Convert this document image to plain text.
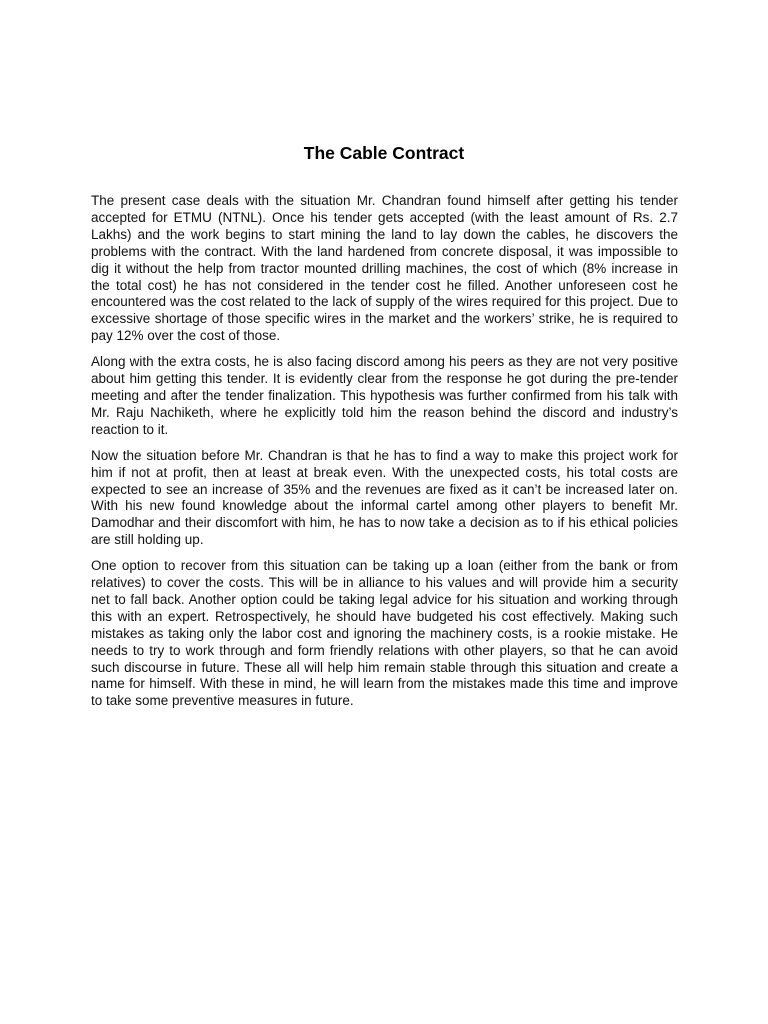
The Cable Contract

The present case deals with the situation Mr. Chandran found himself after getting his tender accepted for ETMU (NTNL). Once his tender gets accepted (with the least amount of Rs. 2.7 Lakhs) and the work begins to start mining the land to lay down the cables, he discovers the problems with the contract. With the land hardened from concrete disposal, it was impossible to dig it without the help from tractor mounted drilling machines, the cost of which (8% increase in the total cost) he has not considered in the tender cost he filled. Another unforeseen cost he encountered was the cost related to the lack of supply of the wires required for this project. Due to excessive shortage of those specific wires in the market and the workers’ strike, he is required to pay 12% over the cost of those.

Along with the extra costs, he is also facing discord among his peers as they are not very positive about him getting this tender. It is evidently clear from the response he got during the pre-tender meeting and after the tender finalization. This hypothesis was further confirmed from his talk with Mr. Raju Nachiketh, where he explicitly told him the reason behind the discord and industry’s reaction to it.

Now the situation before Mr. Chandran is that he has to find a way to make this project work for him if not at profit, then at least at break even. With the unexpected costs, his total costs are expected to see an increase of 35% and the revenues are fixed as it can’t be increased later on. With his new found knowledge about the informal cartel among other players to benefit Mr. Damodhar and their discomfort with him, he has to now take a decision as to if his ethical policies are still holding up.

One option to recover from this situation can be taking up a loan (either from the bank or from relatives) to cover the costs. This will be in alliance to his values and will provide him a security net to fall back. Another option could be taking legal advice for his situation and working through this with an expert. Retrospectively, he should have budgeted his cost effectively. Making such mistakes as taking only the labor cost and ignoring the machinery costs, is a rookie mistake. He needs to try to work through and form friendly relations with other players, so that he can avoid such discourse in future. These all will help him remain stable through this situation and create a name for himself. With these in mind, he will learn from the mistakes made this time and improve to take some preventive measures in future.
